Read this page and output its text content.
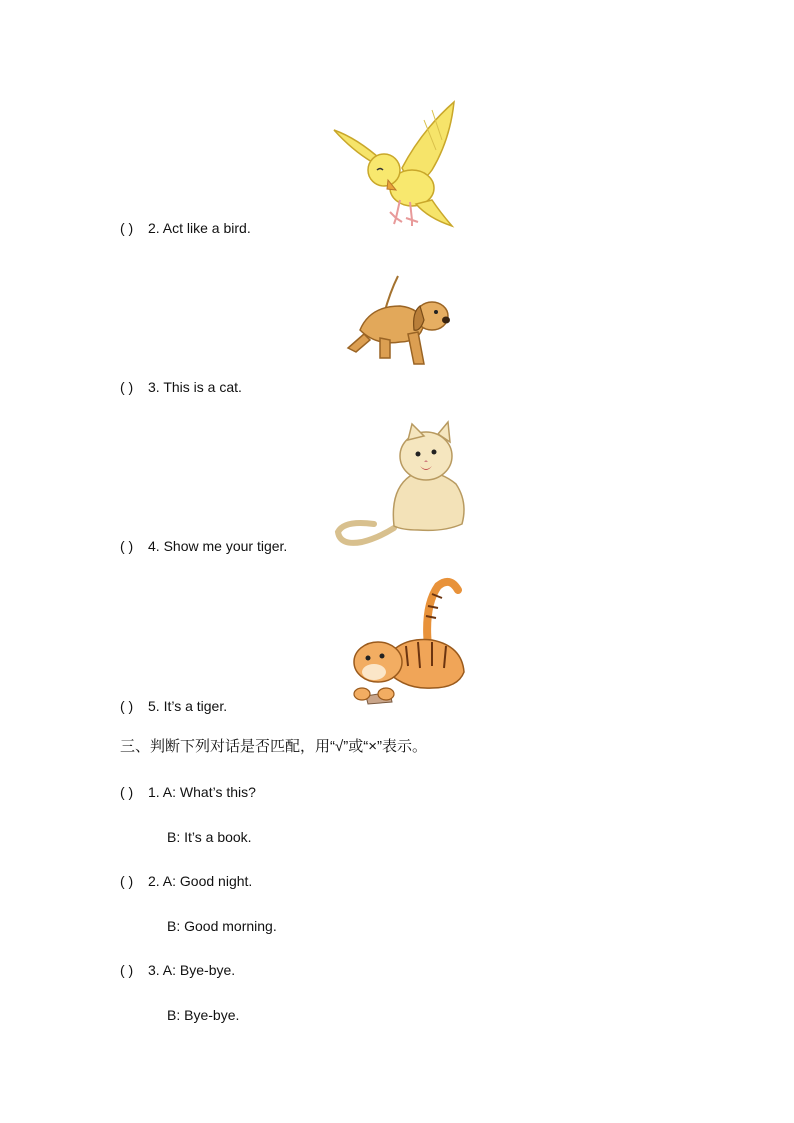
( ) 2. Act like a bird.
( ) 3. This is a cat.
( ) 4. Show me your tiger.
( ) 5. It’s a tiger.
三、判断下列对话是否匹配，用“√”或“×”表示。
( ) 1. A: What’s this?
B: It’s a book.
( ) 2. A: Good night.
B: Good morning.
( ) 3. A: Bye-bye.
B: Bye-bye.
